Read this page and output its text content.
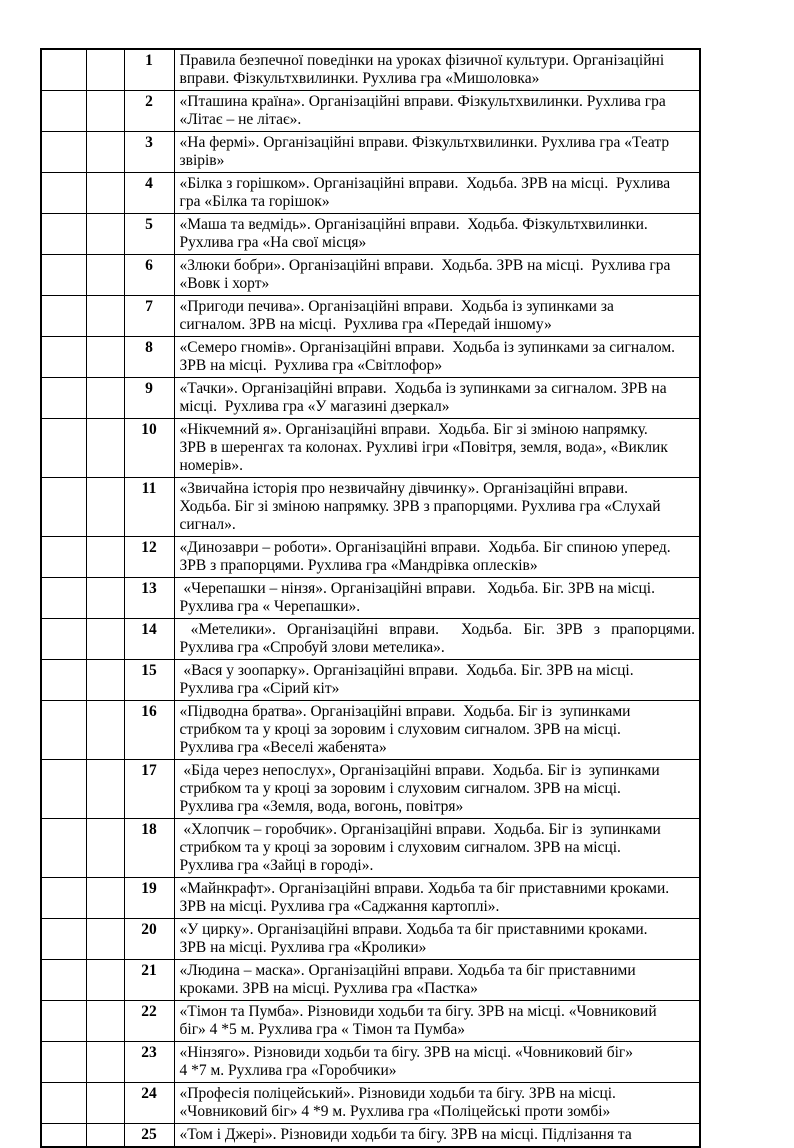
		1	Правила безпечної поведінки на уроках фізичної культури. Організаційні
вправи. Фізкультхвилинки. Рухлива гра «Мишоловка»

		2	«Пташина країна». Організаційні вправи. Фізкультхвилинки. Рухлива гра
«Літає – не літає».

		3	«На фермі». Організаційні вправи. Фізкультхвилинки. Рухлива гра «Театр
звірів»

		4	«Білка з горішком». Організаційні вправи.  Ходьба. ЗРВ на місці.  Рухлива
гра «Білка та горішок»

		5	«Маша та ведмідь». Організаційні вправи.  Ходьба. Фізкультхвилинки.
Рухлива гра «На свої місця»

		6	«Злюки бобри». Організаційні вправи.  Ходьба. ЗРВ на місці.  Рухлива гра
«Вовк і хорт»

		7	«Пригоди печива». Організаційні вправи.  Ходьба із зупинками за
сигналом. ЗРВ на місці.  Рухлива гра «Передай іншому»

		8	«Семеро гномів». Організаційні вправи.  Ходьба із зупинками за сигналом.
ЗРВ на місці.  Рухлива гра «Світлофор»

		9	«Тачки». Організаційні вправи.  Ходьба із зупинками за сигналом. ЗРВ на
місці.  Рухлива гра «У магазині дзеркал»

		10	«Нікчемний я». Організаційні вправи.  Ходьба. Біг зі зміною напрямку.
ЗРВ в шеренгах та колонах. Рухливі ігри «Повітря, земля, вода», «Виклик
номерів».

		11	«Звичайна історія про незвичайну дівчинку». Організаційні вправи.
Ходьба. Біг зі зміною напрямку. ЗРВ з прапорцями. Рухлива гра «Слухай
сигнал».

		12	«Динозаври – роботи». Організаційні вправи.  Ходьба. Біг спиною уперед.
ЗРВ з прапорцями. Рухлива гра «Мандрівка оплесків»

		13	«Черепашки – нінзя». Організаційні вправи.   Ходьба. Біг. ЗРВ на місці.
Рухлива гра « Черепашки».

		14	«Метелики». Організаційні вправи.  Ходьба. Біг. ЗРВ з прапорцями.
Рухлива гра «Спробуй злови метелика».

		15	«Вася у зоопарку». Організаційні вправи.  Ходьба. Біг. ЗРВ на місці.
Рухлива гра «Сірий кіт»

		16	«Підводна братва». Організаційні вправи.  Ходьба. Біг із  зупинками
стрибком та у кроці за зоровим і слуховим сигналом. ЗРВ на місці.
Рухлива гра «Веселі жабенята»

		17	«Біда через непослух», Організаційні вправи.  Ходьба. Біг із  зупинками
стрибком та у кроці за зоровим і слуховим сигналом. ЗРВ на місці.
Рухлива гра «Земля, вода, вогонь, повітря»

		18	«Хлопчик – горобчик». Організаційні вправи.  Ходьба. Біг із  зупинками
стрибком та у кроці за зоровим і слуховим сигналом. ЗРВ на місці.
Рухлива гра «Зайці в городі».

		19	«Майнкрафт». Організаційні вправи. Ходьба та біг приставними кроками.
ЗРВ на місці. Рухлива гра «Саджання картоплі».

		20	«У цирку». Організаційні вправи. Ходьба та біг приставними кроками.
ЗРВ на місці. Рухлива гра «Кролики»

		21	«Людина – маска». Організаційні вправи. Ходьба та біг приставними
кроками. ЗРВ на місці. Рухлива гра «Пастка»

		22	«Тімон та Пумба». Різновиди ходьби та бігу. ЗРВ на місці. «Човниковий
біг» 4 *5 м. Рухлива гра « Тімон та Пумба»

		23	«Нінзяго». Різновиди ходьби та бігу. ЗРВ на місці. «Човниковий біг»
4 *7 м. Рухлива гра «Горобчики»

		24	«Професія поліцейський». Різновиди ходьби та бігу. ЗРВ на місці.
«Човниковий біг» 4 *9 м. Рухлива гра «Поліцейські проти зомбі»

		25	«Том і Джері». Різновиди ходьби та бігу. ЗРВ на місці. Підлізання та
